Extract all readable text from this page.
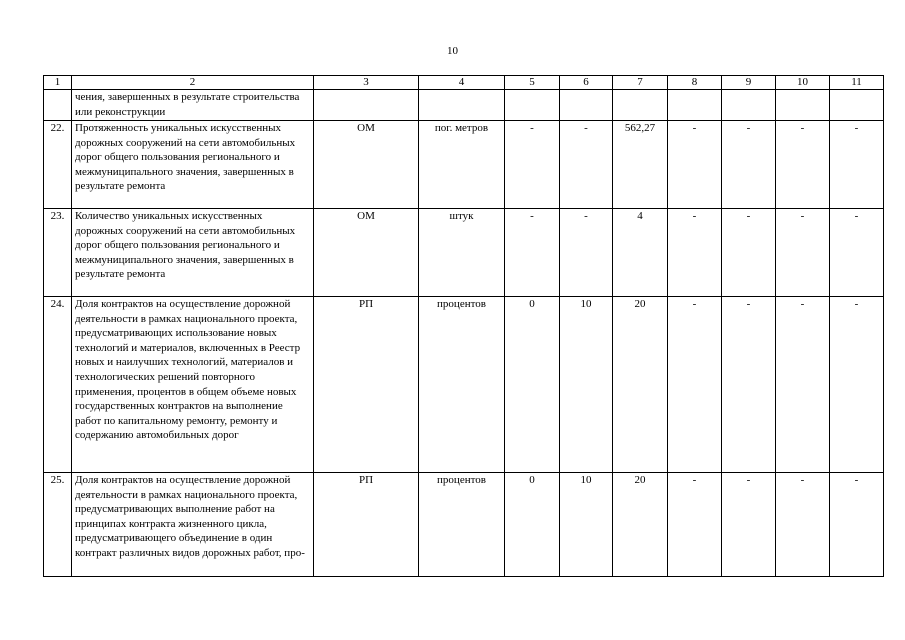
10
1	2	3	4	5	6	7	8	9	10	11
	чения, завершенных в результате строительства или реконструкции									
22.	Протяженность уникальных искусственных дорожных сооружений на сети автомобильных дорог общего пользования регионального и межмуниципального значения, завершенных в результате ремонта	ОМ	пог. метров	-	-	562,27	-	-	-	-
23.	Количество уникальных искусственных дорожных сооружений на сети автомобильных дорог общего пользования регионального и межмуниципального значения, завершенных в результате ремонта	ОМ	штук	-	-	4	-	-	-	-
24.	Доля контрактов на осуществление дорожной деятельности в рамках национального проекта, предусматривающих использование новых технологий и материалов, включенных в Реестр новых и наилучших технологий, материалов и технологических решений повторного применения, процентов в общем объеме новых государственных контрактов на выполнение работ по капитальному ремонту, ремонту и содержанию автомобильных дорог	РП	процентов	0	10	20	-	-	-	-
25.	Доля контрактов на осуществление дорожной деятельности в рамках национального проекта, предусматривающих выполнение работ на принципах контракта жизненного цикла, предусматривающего объединение в один контракт различных видов дорожных работ, про-	РП	процентов	0	10	20	-	-	-	-
